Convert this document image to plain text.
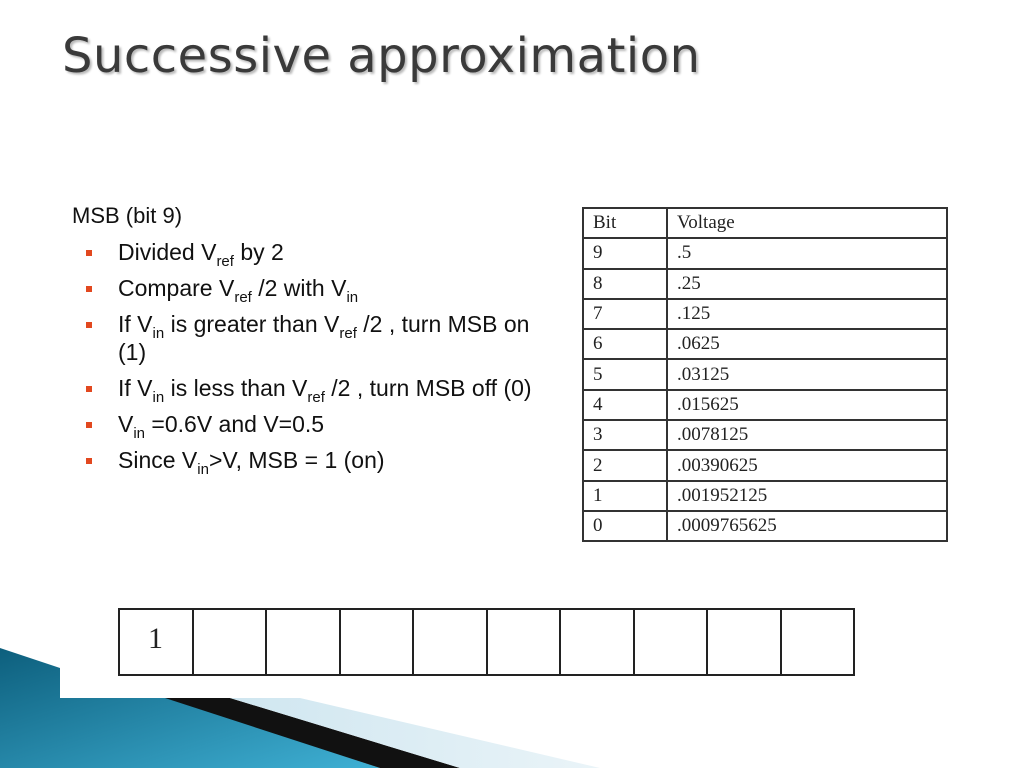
Successive approximation
MSB (bit 9)
Divided $V_{ref}$ by 2
Compare $V_{ref}$ /2 with $V_{in}$
If $V_{in}$ is greater than $V_{ref}$ /2 , turn MSB on (1)
If $V_{in}$ is less than $V_{ref}$ /2 , turn MSB off (0)
$V_{in} =0.6V$ and V=0.5
Since $V_{in}>V$, MSB = 1 (on)
Bit	Voltage
9	.5
8	.25
7	.125
6	.0625
5	.03125
4	.015625
3	.0078125
2	.00390625
1	.001952125
0	.0009765625
1									
